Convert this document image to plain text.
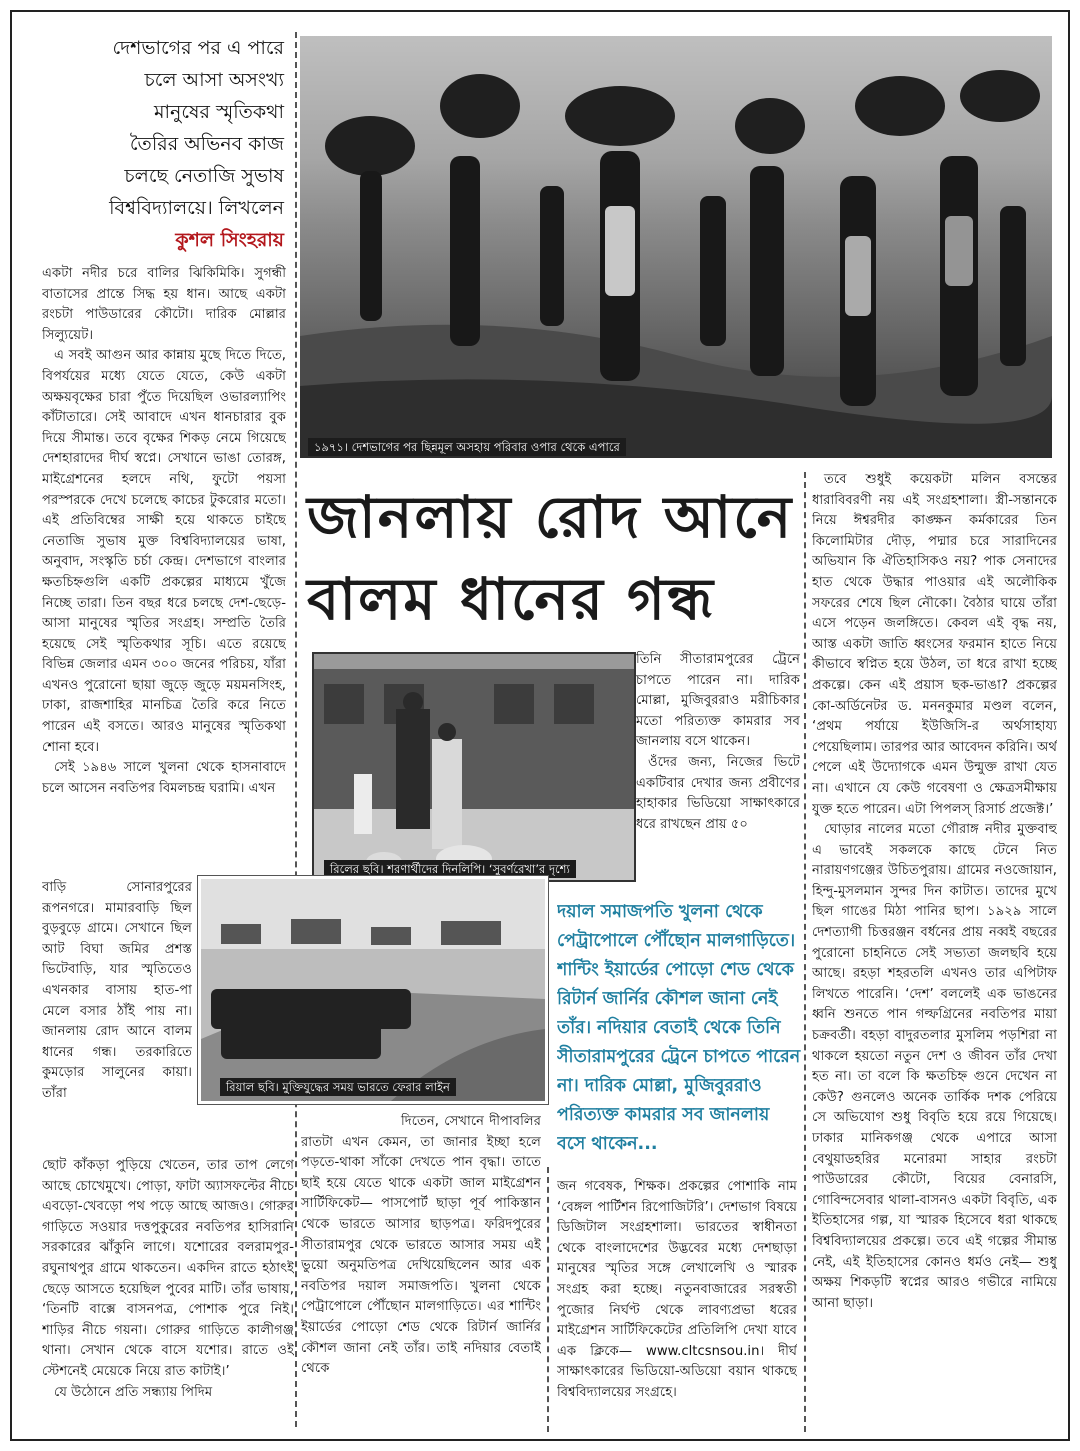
দেশভাগের পর এ পারে
চলে আসা অসংখ্য
মানুষের স্মৃতিকথা
তৈরির অভিনব কাজ
চলছে নেতাজি সুভাষ
বিশ্ববিদ্যালয়ে। লিখলেন
কুশল সিংহরায়

একটা নদীর চরে বালির ঝিকিমিকি। সুগন্ধী বাতাসের প্রান্তে সিদ্ধ হয় ধান। আছে একটা রংচটা পাউডারের কৌটো। দারিক মোল্লার সিল্যুয়েট।

এ সবই আগুন আর কান্নায় মুছে দিতে দিতে, বিপর্যয়ের মধ্যে যেতে যেতে, কেউ একটা অক্ষয়বৃক্ষের চারা পুঁতে দিয়েছিল ওভারল্যাপিং কাঁটাতারে। সেই আবাদে এখন ধানচারার বুক দিয়ে সীমান্ত। তবে বৃক্ষের শিকড় নেমে গিয়েছে দেশহারাদের দীর্ঘ স্বপ্নে। সেখানে ভাঙা তোরঙ্গ, মাইগ্রেশনের হলদে নথি, ফুটো পয়সা পরস্পরকে দেখে চলেছে কাচের টুকরোর মতো। এই প্রতিবিম্বের সাক্ষী হয়ে থাকতে চাইছে নেতাজি সুভাষ মুক্ত বিশ্ববিদ্যালয়ের ভাষা, অনুবাদ, সংস্কৃতি চর্চা কেন্দ্র। দেশভাগে বাংলার ক্ষতচিহ্নগুলি একটি প্রকল্পের মাধ্যমে খুঁজে নিচ্ছে তারা। তিন বছর ধরে চলছে দেশ-ছেড়ে-আসা মানুষের স্মৃতির সংগ্রহ। সম্প্রতি তৈরি হয়েছে সেই স্মৃতিকথার সূচি। এতে রয়েছে বিভিন্ন জেলার এমন ৩০০ জনের পরিচয়, যাঁরা এখনও পুরোনো ছায়া জুড়ে জুড়ে ময়মনসিংহ, ঢাকা, রাজশাহির মানচিত্র তৈরি করে নিতে পারেন এই বসতে। আরও মানুষের স্মৃতিকথা শোনা হবে।

সেই ১৯৪৬ সালে খুলনা থেকে হাসনাবাদে চলে আসেন নবতিপর বিমলচন্দ্র ঘরামি। এখন

বাড়ি সোনারপুরের রূপনগরে। মামারবাড়ি ছিল বুড়বুড়ে গ্রামে। সেখানে ছিল আট বিঘা জমির প্রশস্ত ভিটেবাড়ি, যার স্মৃতিতেও এখনকার বাসায় হাত-পা মেলে বসার ঠাঁই পায় না। জানলায় রোদ আনে বালম ধানের গন্ধ। তরকারিতে কুমড়োর সালুনের কায়া। তাঁরা

ছোট কাঁকড়া পুড়িয়ে খেতেন, তার তাপ লেগে আছে চোখেমুখে। পোড়া, ফাটা অ্যাসফল্টের নীচে এবড়ো-খেবড়ো পথ পড়ে আছে আজও। গোরুর গাড়িতে সওয়ার দত্তপুকুরের নবতিপর হাসিরানি সরকারের ঝাঁকুনি লাগে। যশোরের বলরামপুর-রঘুনাথপুর গ্রামে থাকতেন। একদিন রাতে হঠাৎই ছেড়ে আসতে হয়েছিল পুবের মাটি। তাঁর ভাষায়, ‘তিনটি বাক্সে বাসনপত্র, পোশাক পুরে নিই। শাড়ির নীচে গয়না। গোরুর গাড়িতে কালীগঞ্জ থানা। সেখান থেকে বাসে যশোর। রাতে ওই স্টেশনেই মেয়েকে নিয়ে রাত কাটাই।’

যে উঠোনে প্রতি সন্ধ্যায় পিদিম

১৯৭১। দেশভাগের পর ছিন্নমূল অসহায় পরিবার ওপার থেকে এপারে
জানলায় রোদ আনে
বালম ধানের গন্ধ
রিলের ছবি। শরণার্থীদের দিনলিপি। ‘সুবর্ণরেখা’র দৃশ্যে
রিয়াল ছবি। মুক্তিযুদ্ধের সময় ভারতে ফেরার লাইন

তিনি সীতারামপুরের ট্রেনে চাপতে পারেন না। দারিক মোল্লা, মুজিবুররাও মরীচিকার মতো পরিত্যক্ত কামরার সব জানলায় বসে থাকেন।

ওঁদের জন্য, নিজের ভিটে একটিবার দেখার জন্য প্রবীণের হাহাকার ভিডিয়ো সাক্ষাৎকারে ধরে রাখছেন প্রায় ৫০

দয়াল সমাজপতি খুলনা থেকে পেট্রাপোলে পৌঁছোন মালগাড়িতে। শান্টিং ইয়ার্ডের পোড়ো শেড থেকে রিটার্ন জার্নির কৌশল জানা নেই তাঁর। নদিয়ার বেতাই থেকে তিনি সীতারামপুরের ট্রেনে চাপতে পারেন না। দারিক মোল্লা, মুজিবুররাও পরিত্যক্ত কামরার সব জানলায় বসে থাকেন...

দিতেন, সেখানে দীপাবলির রাতটা এখন কেমন, তা জানার ইচ্ছা হলে পড়তে-থাকা সাঁকো দেখতে পান বৃদ্ধা। তাতে ছাই হয়ে যেতে থাকে একটা জাল মাইগ্রেশন সার্টিফিকেট— পাসপোর্ট ছাড়া পূর্ব পাকিস্তান থেকে ভারতে আসার ছাড়পত্র। ফরিদপুরের সীতারামপুর থেকে ভারতে আসার সময় এই ভুয়ো অনুমতিপত্র দেখিয়েছিলেন আর এক নবতিপর দয়াল সমাজপতি। খুলনা থেকে পেট্রাপোলে পৌঁছোন মালগাড়িতে। এর শান্টিং ইয়ার্ডের পোড়ো শেড থেকে রিটার্ন জার্নির কৌশল জানা নেই তাঁর। তাই নদিয়ার বেতাই থেকে

জন গবেষক, শিক্ষক। প্রকল্পের পোশাকি নাম ‘বেঙ্গল পার্টিশন রিপোজিটরি’। দেশভাগ বিষয়ে ডিজিটাল সংগ্রহশালা। ভারতের স্বাধীনতা থেকে বাংলাদেশের উদ্ভবের মধ্যে দেশছাড়া মানুষের স্মৃতির সঙ্গে লেখালেখি ও স্মারক সংগ্রহ করা হচ্ছে। নতুনবাজারের সরস্বতী পুজোর নির্ঘণ্ট থেকে লাবণ্যপ্রভা ধরের মাইগ্রেশন সার্টিফিকেটের প্রতিলিপি দেখা যাবে এক ক্লিকে— www.cltcsnsou.in। দীর্ঘ সাক্ষাৎকারের ভিডিয়ো-অডিয়ো বয়ান থাকছে বিশ্ববিদ্যালয়ের সংগ্রহে।

তবে শুধুই কয়েকটা মলিন বসন্তের ধারাবিবরণী নয় এই সংগ্রহশালা। স্ত্রী-সন্তানকে নিয়ে ঈশ্বরদীর কাঙ্ক্ষন কর্মকারের তিন কিলোমিটার দৌড়, পদ্মার চরে সারাদিনের অভিযান কি ঐতিহাসিকও নয়? পাক সেনাদের হাত থেকে উদ্ধার পাওয়ার এই অলৌকিক সফরের শেষে ছিল নৌকো। বৈঠার ঘায়ে তাঁরা এসে পড়েন জলঙ্গিতে। কেবল এই বৃদ্ধ নয়, আস্ত একটা জাতি ধ্বংসের ফরমান হাতে নিয়ে কীভাবে স্বপ্নিত হয়ে উঠল, তা ধরে রাখা হচ্ছে প্রকল্পে। কেন এই প্রয়াস ছক-ভাঙা? প্রকল্পের কো-অর্ডিনেটর ড. মননকুমার মণ্ডল বলেন, ‘প্রথম পর্যায়ে ইউজিসি-র অর্থসাহায্য পেয়েছিলাম। তারপর আর আবেদন করিনি। অর্থ পেলে এই উদ্যোগকে এমন উন্মুক্ত রাখা যেত না। এখানে যে কেউ গবেষণা ও ক্ষেত্রসমীক্ষায় যুক্ত হতে পারেন। এটা পিপলস্ রিসার্চ প্রজেক্ট।’

ঘোড়ার নালের মতো গৌরাঙ্গ নদীর মুক্তবাহু এ ভাবেই সকলকে কাছে টেনে নিত নারায়ণগঞ্জের উচিতপুরায়। গ্রামের নওজোয়ান, হিন্দু-মুসলমান সুন্দর দিন কাটাত। তাদের মুখে ছিল গাঙের মিঠা পানির ছাপ। ১৯২৯ সালে দেশত্যাগী চিত্তরঞ্জন বর্ধনের প্রায় নব্বই বছরের পুরোনো চাহনিতে সেই সভ্যতা জলছবি হয়ে আছে। রহড়া শহরতলি এখনও তার এপিটাফ লিখতে পারেনি। ‘দেশ’ বললেই এক ভাঙনের ধ্বনি শুনতে পান গল্ফগ্রিনের নবতিপর মায়া চক্রবর্তী। বহড়া বাদুরতলার মুসলিম পড়শিরা না থাকলে হয়তো নতুন দেশ ও জীবন তাঁর দেখা হত না। তা বলে কি ক্ষতচিহ্ন গুনে দেখেন না কেউ? গুনলেও অনেক তার্কিক দশক পেরিয়ে সে অভিযোগ শুধু বিবৃতি হয়ে রয়ে গিয়েছে। ঢাকার মানিকগঞ্জ থেকে এপারে আসা বেথুয়াডহরির মনোরমা সাহার রংচটা পাউডারের কৌটো, বিয়ের বেনারসি, গোবিন্দসেবার থালা-বাসনও একটা বিবৃতি, এক ইতিহাসের গল্প, যা স্মারক হিসেবে ধরা থাকছে বিশ্ববিদ্যালয়ের প্রকল্পে। তবে এই গল্পের সীমান্ত নেই, এই ইতিহাসের কোনও ধর্মও নেই— শুধু অক্ষয় শিকড়টি স্বপ্নের আরও গভীরে নামিয়ে আনা ছাড়া।
